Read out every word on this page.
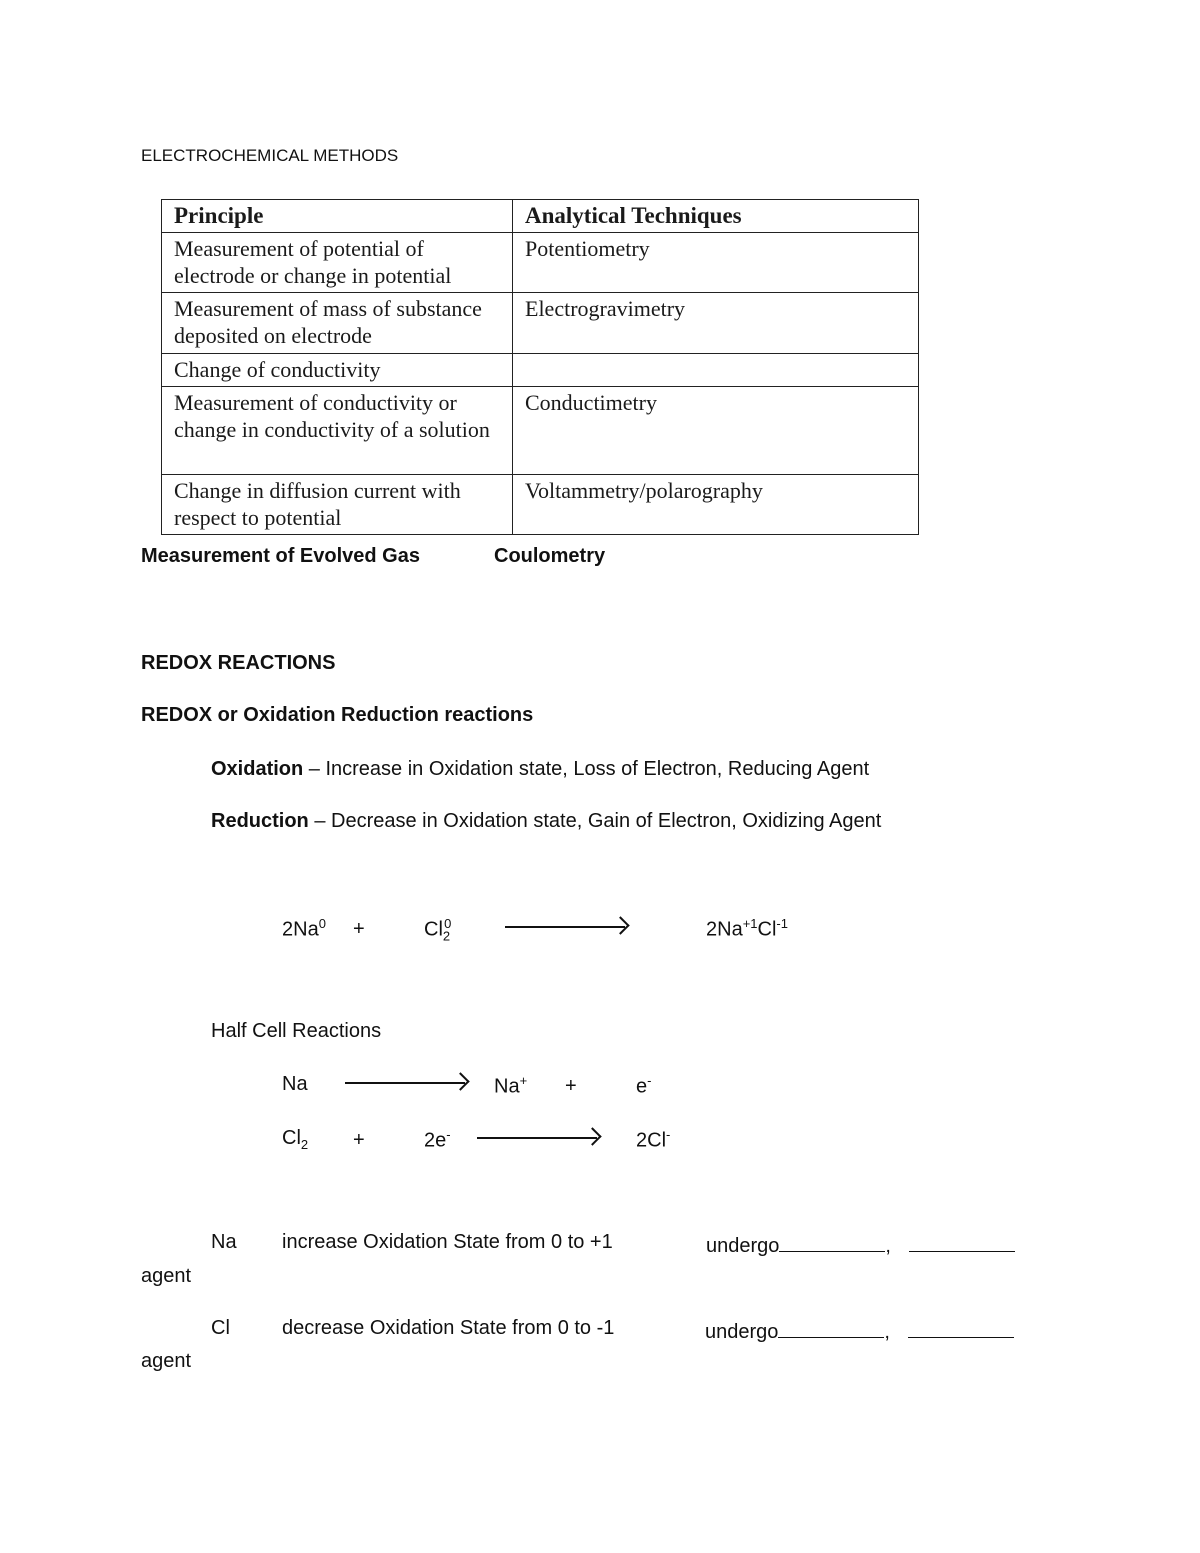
ELECTROCHEMICAL METHODS
Principle	Analytical Techniques
Measurement of potential of electrode or change in potential	Potentiometry
Measurement of mass of substance deposited on electrode	Electrogravimetry
Change of conductivity	
Measurement of conductivity or change in conductivity of a solution	Conductimetry
Change in diffusion current with respect to potential	Voltammetry/polarography
Measurement of Evolved Gas	Coulometry
REDOX REACTIONS
REDOX or Oxidation Reduction reactions
Oxidation – Increase in Oxidation state, Loss of Electron, Reducing Agent
Reduction – Decrease in Oxidation state, Gain of Electron, Oxidizing Agent
$2Na^0$ +	$Cl_2^0$	$2Na^{+1}Cl^{-1}$
Half Cell Reactions
Na	Na+ +	e-
$Cl_2$ +	2e-	2Cl-
Na increase Oxidation State from 0 to +1	undergo	,
agent
Cl	decrease Oxidation State from 0 to -1	undergo	,
agent
